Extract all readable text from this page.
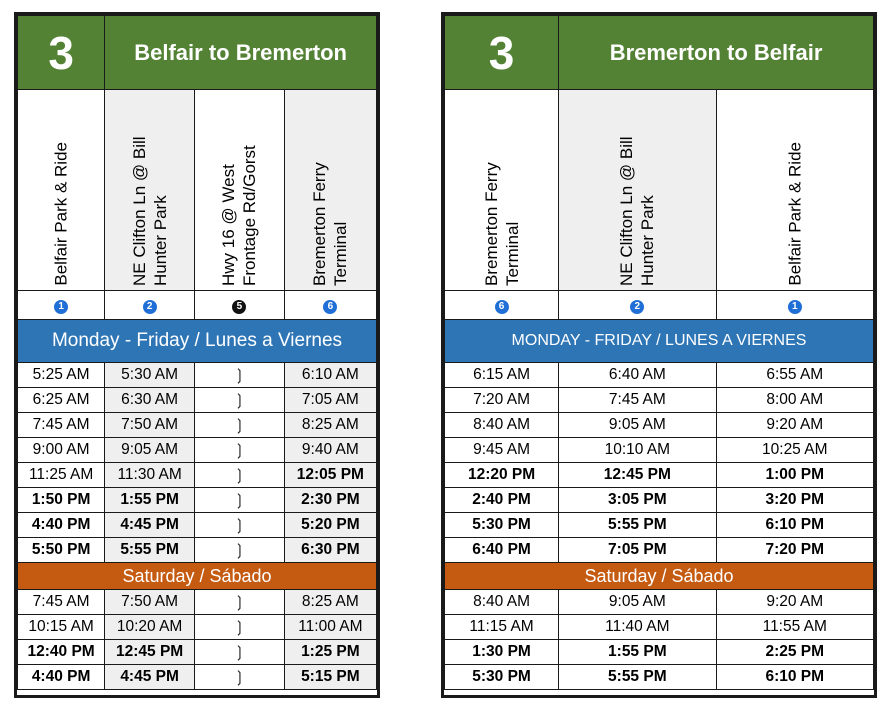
3	Belfair to Bremerton		

Belfair Park & Ride	NE Clifton Ln @ Bill Hunter Park	Hwy 16 @ West Frontage Rd/Gorst	Bremerton Ferry Terminal

1	2	5	6
Monday - Friday / Lunes a Viernes			
5:25 AM	5:30 AM	❳	6:10 AM
6:25 AM	6:30 AM	❳	7:05 AM
7:45 AM	7:50 AM	❳	8:25 AM
9:00 AM	9:05 AM	❳	9:40 AM
11:25 AM	11:30 AM	❳	12:05 PM
1:50 PM	1:55 PM	❳	2:30 PM
4:40 PM	4:45 PM	❳	5:20 PM
5:50 PM	5:55 PM	❳	6:30 PM
Saturday / Sábado			
7:45 AM	7:50 AM	❳	8:25 AM
10:15 AM	10:20 AM	❳	11:00 AM
12:40 PM	12:45 PM	❳	1:25 PM
4:40 PM	4:45 PM	❳	5:15 PM
3	Bremerton to Belfair	

Bremerton Ferry Terminal	NE Clifton Ln @ Bill Hunter Park	Belfair Park & Ride

6	2	1
MONDAY - FRIDAY / LUNES A VIERNES		
6:15 AM	6:40 AM	6:55 AM
7:20 AM	7:45 AM	8:00 AM
8:40 AM	9:05 AM	9:20 AM
9:45 AM	10:10 AM	10:25 AM
12:20 PM	12:45 PM	1:00 PM
2:40 PM	3:05 PM	3:20 PM
5:30 PM	5:55 PM	6:10 PM
6:40 PM	7:05 PM	7:20 PM
Saturday / Sábado		
8:40 AM	9:05 AM	9:20 AM
11:15 AM	11:40 AM	11:55 AM
1:30 PM	1:55 PM	2:25 PM
5:30 PM	5:55 PM	6:10 PM
